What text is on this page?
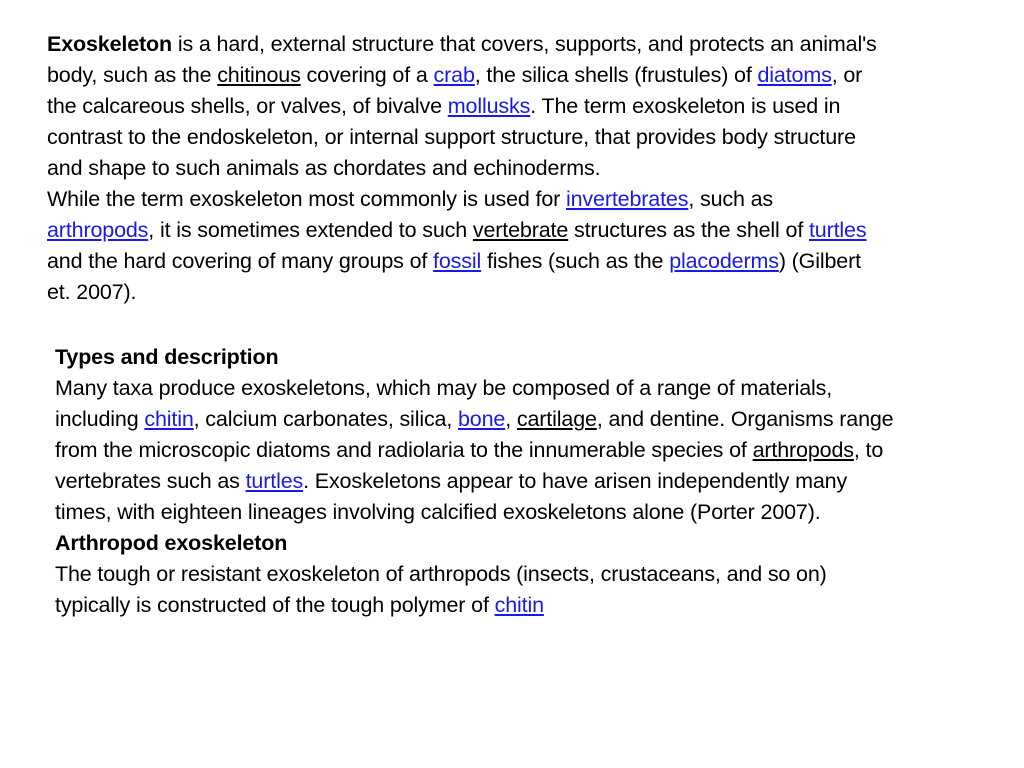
Exoskeleton is a hard, external structure that covers, supports, and protects an animal's
body, such as the chitinous covering of a crab, the silica shells (frustules) of diatoms, or
the calcareous shells, or valves, of bivalve mollusks. The term exoskeleton is used in
contrast to the endoskeleton, or internal support structure, that provides body structure
and shape to such animals as chordates and echinoderms.
While the term exoskeleton most commonly is used for invertebrates, such as
arthropods, it is sometimes extended to such vertebrate structures as the shell of turtles
and the hard covering of many groups of fossil fishes (such as the placoderms) (Gilbert
et. 2007).
Types and description
Many taxa produce exoskeletons, which may be composed of a range of materials,
including chitin, calcium carbonates, silica, bone, cartilage, and dentine. Organisms range
from the microscopic diatoms and radiolaria to the innumerable species of arthropods, to
vertebrates such as turtles. Exoskeletons appear to have arisen independently many
times, with eighteen lineages involving calcified exoskeletons alone (Porter 2007).
Arthropod exoskeleton
The tough or resistant exoskeleton of arthropods (insects, crustaceans, and so on)
typically is constructed of the tough polymer of chitin
